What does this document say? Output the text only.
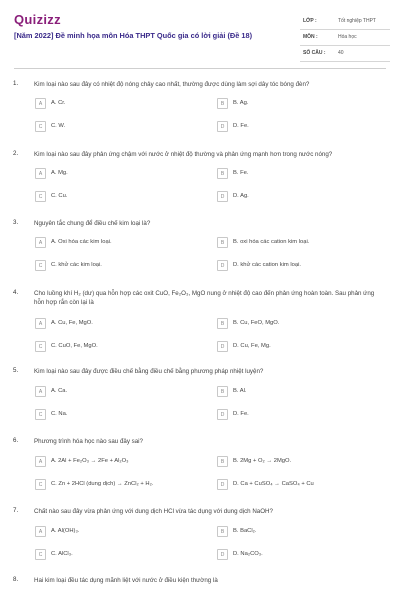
Quizizz
[Năm 2022] Đề minh họa môn Hóa THPT Quốc gia có lời giải (Đề 18)
LỚP :	Tốt nghiệp THPT
MÔN :	Hóa học
SỐ CÂU :	40
1.	Kim loại nào sau đây có nhiệt độ nóng chảy cao nhất, thường được dùng làm sợi dây tóc bóng đèn?
A	A. Cr.	B	B. Ag.
C	C. W.	D	D. Fe.
2.	Kim loại nào sau đây phản ứng chậm với nước ở nhiệt độ thường và phản ứng mạnh hơn trong nước nóng?
A	A. Mg.	B	B. Fe.
C	C. Cu.	D	D. Ag.
3.	Nguyên tắc chung để điều chế kim loại là?
A	A. Oxi hóa các kim loại.	B	B. oxi hóa các cation kim loại.
C	C. khử các kim loại.	D	D. khử các cation kim loại.
4.	Cho luồng khí H₂ (dư) qua hỗn hợp các oxit CuO, Fe₂O₃, MgO nung ở nhiệt độ cao đến phản ứng hoàn toàn. Sau phản ứng hỗn hợp rắn còn lại là
A	A. Cu, Fe, MgO.	B	B. Cu, FeO, MgO.
C	C. CuO, Fe, MgO.	D	D. Cu, Fe, Mg.
5.	Kim loại nào sau đây được điều chế bằng điều chế bằng phương pháp nhiệt luyện?
A	A. Ca.	B	B. Al.
C	C. Na.	D	D. Fe.
6.	Phương trình hóa học nào sau đây sai?
A	A. 2Al + Fe₂O₃ → 2Fe + Al₂O₃	B	B. 2Mg + O₂ → 2MgO.
C	C. Zn + 2HCl (dung dịch) → ZnCl₂ + H₂.	D	D. Ca + CuSO₄ → CaSO₄ + Cu
7.	Chất nào sau đây vừa phản ứng với dung dịch HCl vừa tác dụng với dung dịch NaOH?
A	A. Al(OH)₃.	B	B. BaCl₂.
C	C. AlCl₃.	D	D. Na₂CO₃.
8.	Hai kim loại đều tác dụng mãnh liệt với nước ở điều kiện thường là
